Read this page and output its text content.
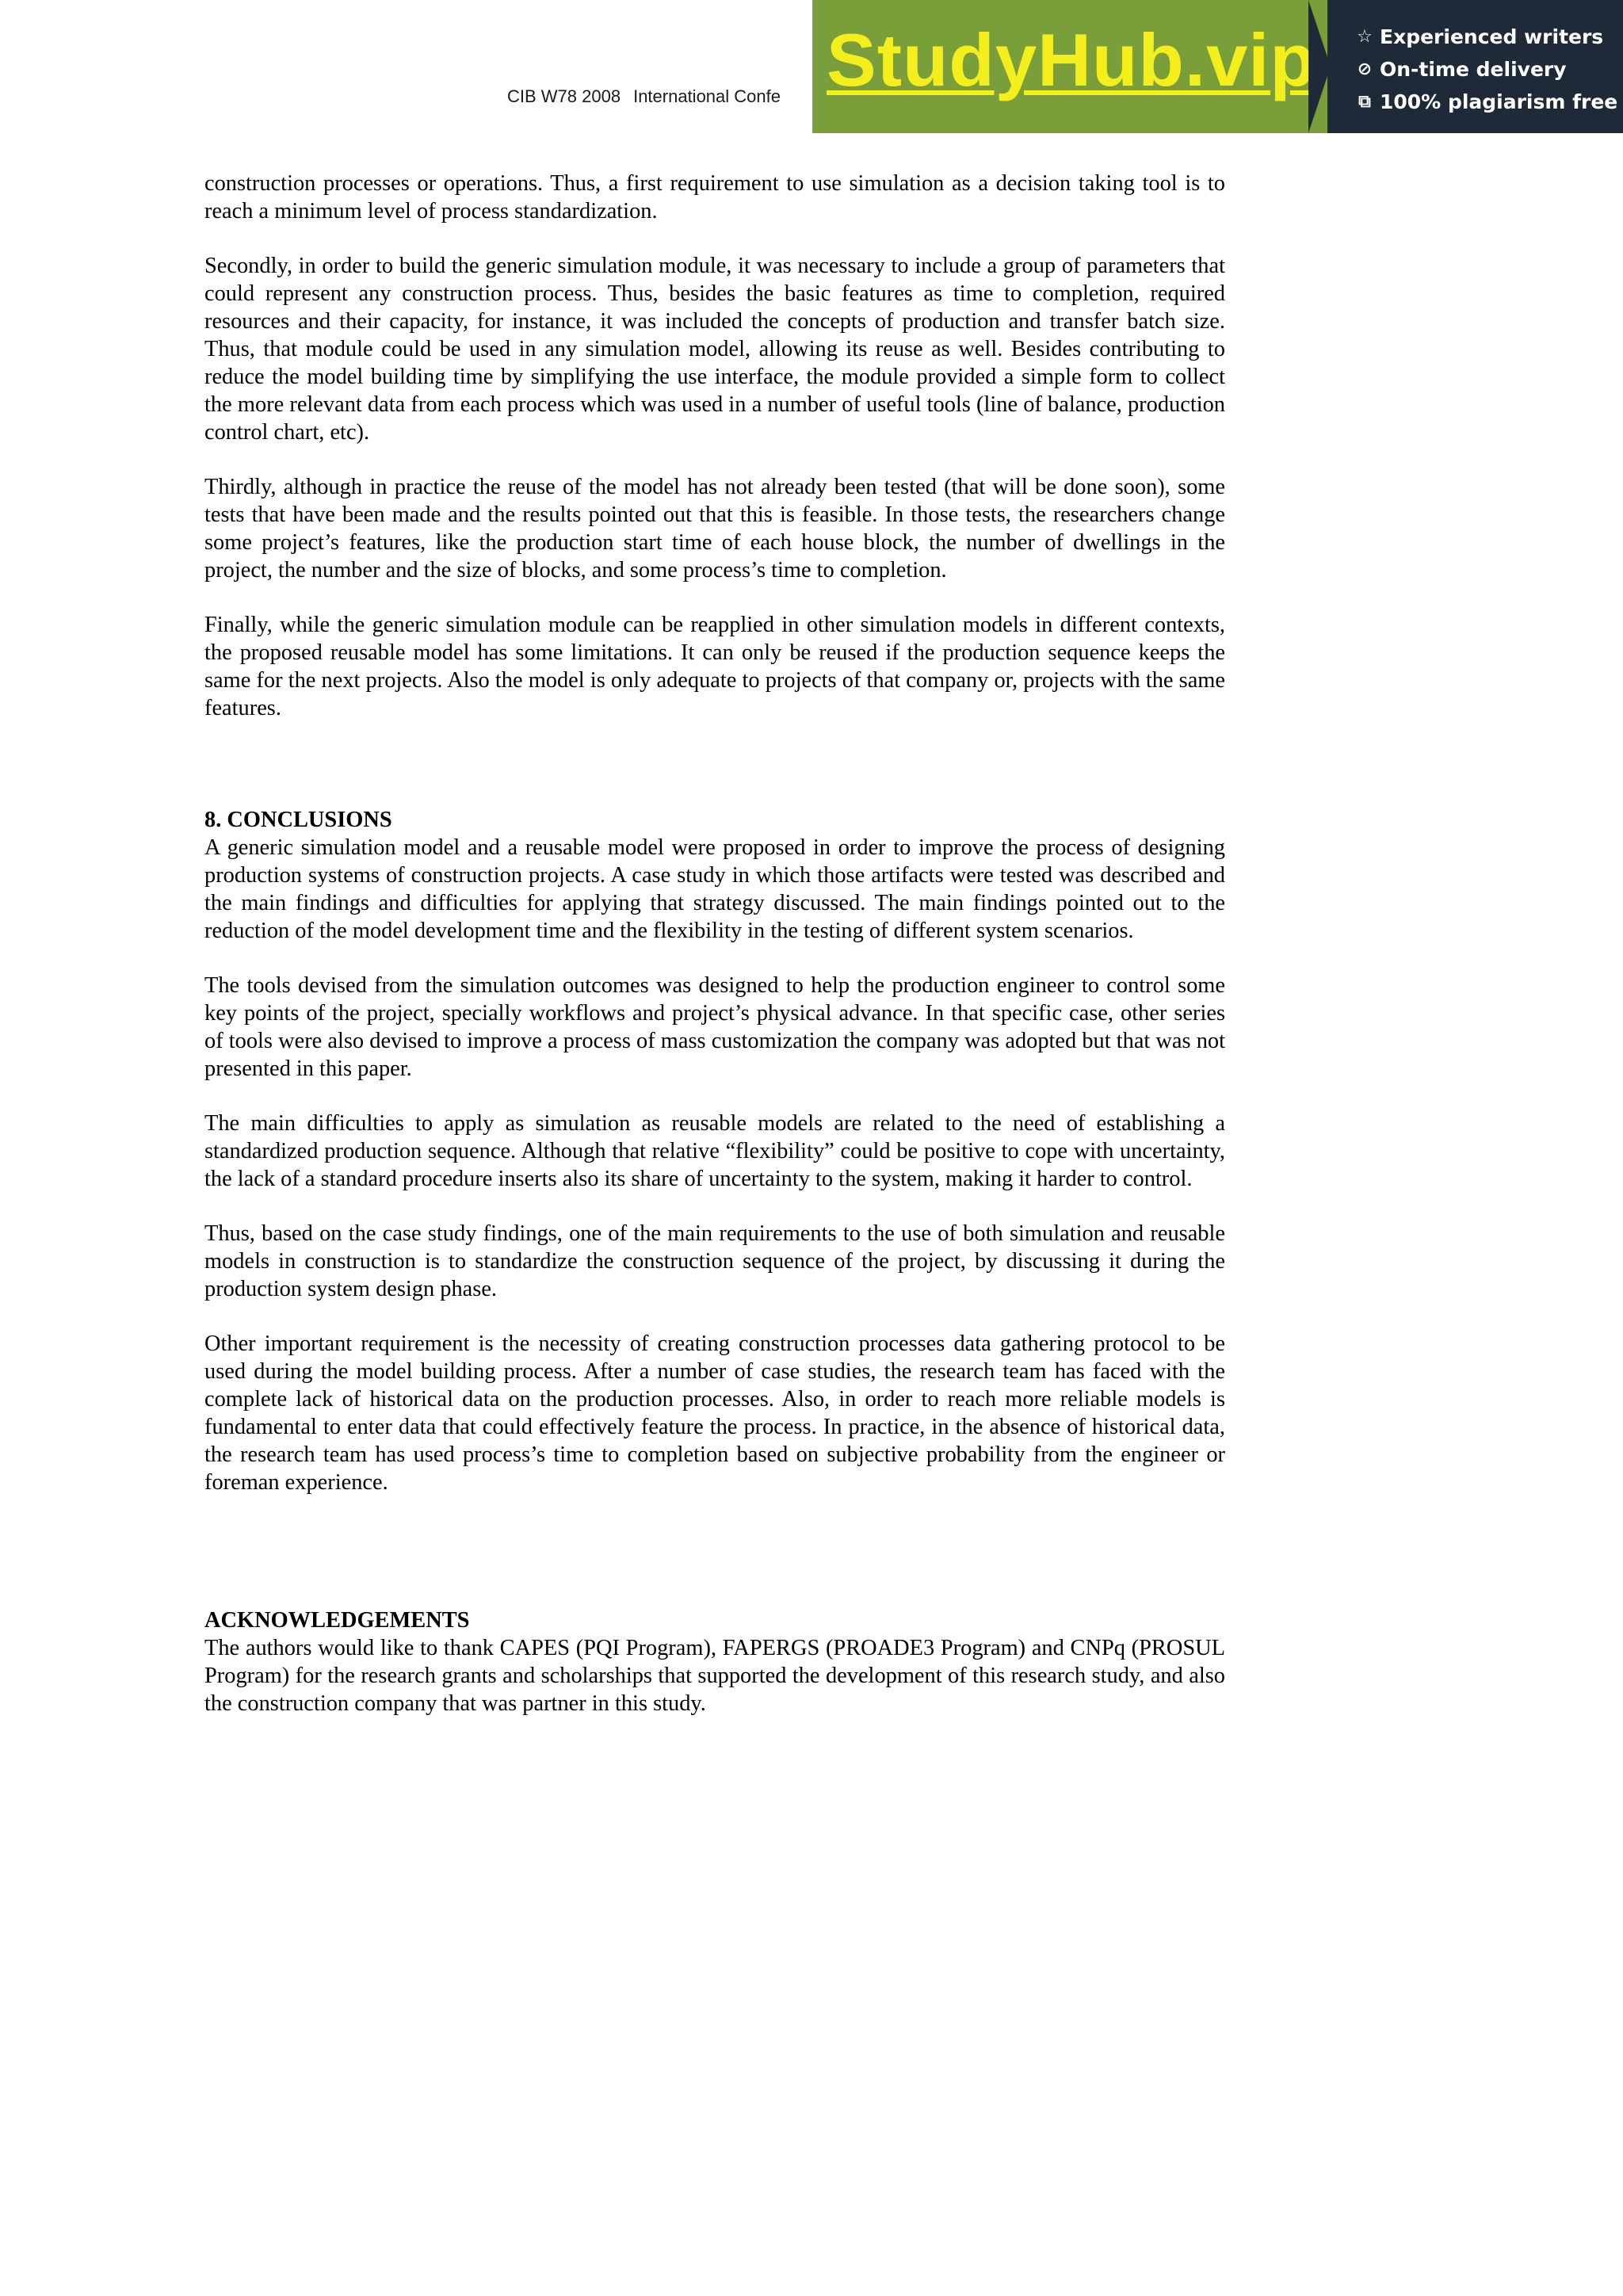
CIB W78 2008 International Confe StudyHub.vip ☆ Experienced writers
⊘ On-time delivery
⧉ 100% plagiarism free

construction processes or operations. Thus, a first requirement to use simulation as a decision taking tool is to reach a minimum level of process standardization.

Secondly, in order to build the generic simulation module, it was necessary to include a group of parameters that could represent any construction process. Thus, besides the basic features as time to completion, required resources and their capacity, for instance, it was included the concepts of production and transfer batch size. Thus, that module could be used in any simulation model, allowing its reuse as well. Besides contributing to reduce the model building time by simplifying the use interface, the module provided a simple form to collect the more relevant data from each process which was used in a number of useful tools (line of balance, production control chart, etc).

Thirdly, although in practice the reuse of the model has not already been tested (that will be done soon), some tests that have been made and the results pointed out that this is feasible. In those tests, the researchers change some project’s features, like the production start time of each house block, the number of dwellings in the project, the number and the size of blocks, and some process’s time to completion.

Finally, while the generic simulation module can be reapplied in other simulation models in different contexts, the proposed reusable model has some limitations. It can only be reused if the production sequence keeps the same for the next projects. Also the model is only adequate to projects of that company or, projects with the same features.

8. CONCLUSIONS

A generic simulation model and a reusable model were proposed in order to improve the process of designing production systems of construction projects. A case study in which those artifacts were tested was described and the main findings and difficulties for applying that strategy discussed. The main findings pointed out to the reduction of the model development time and the flexibility in the testing of different system scenarios.

The tools devised from the simulation outcomes was designed to help the production engineer to control some key points of the project, specially workflows and project’s physical advance. In that specific case, other series of tools were also devised to improve a process of mass customization the company was adopted but that was not presented in this paper.

The main difficulties to apply as simulation as reusable models are related to the need of establishing a standardized production sequence. Although that relative “flexibility” could be positive to cope with uncertainty, the lack of a standard procedure inserts also its share of uncertainty to the system, making it harder to control.

Thus, based on the case study findings, one of the main requirements to the use of both simulation and reusable models in construction is to standardize the construction sequence of the project, by discussing it during the production system design phase.

Other important requirement is the necessity of creating construction processes data gathering protocol to be used during the model building process. After a number of case studies, the research team has faced with the complete lack of historical data on the production processes. Also, in order to reach more reliable models is fundamental to enter data that could effectively feature the process. In practice, in the absence of historical data, the research team has used process’s time to completion based on subjective probability from the engineer or foreman experience.

ACKNOWLEDGEMENTS

The authors would like to thank CAPES (PQI Program), FAPERGS (PROADE3 Program) and CNPq (PROSUL Program) for the research grants and scholarships that supported the development of this research study, and also the construction company that was partner in this study.
